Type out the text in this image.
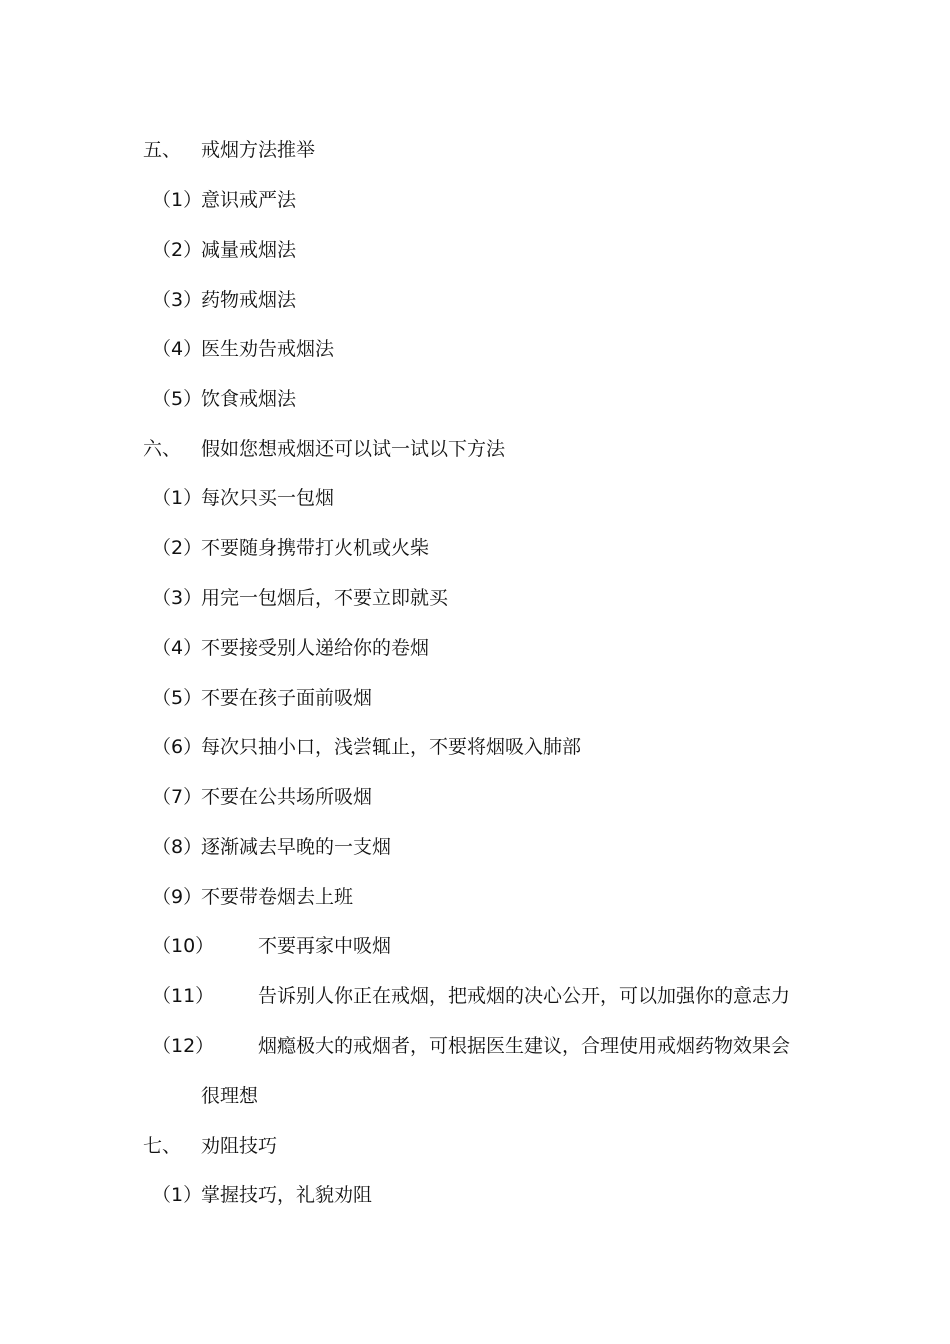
五、 戒烟方法推举
（1）
意识戒严法
（2）
减量戒烟法
（3）
药物戒烟法
（4）
医生劝告戒烟法
（5）
饮食戒烟法
六、 假如您想戒烟还可以试一试以下方法
（1）
每次只买一包烟
（2）
不要随身携带打火机或火柴
（3）
用完一包烟后，不要立即就买
（4）
不要接受别人递给你的卷烟
（5）
不要在孩子面前吸烟
（6）
每次只抽小口，浅尝辄止，不要将烟吸入肺部
（7）
不要在公共场所吸烟
（8）
逐渐减去早晚的一支烟
（9）
不要带卷烟去上班
（10） 不要再家中吸烟
（11） 告诉别人你正在戒烟，把戒烟的决心公开，可以加强你的意志力
（12） 烟瘾极大的戒烟者，可根据医生建议，合理使用戒烟药物效果会
很理想
七、 劝阻技巧
（1）
掌握技巧，礼貌劝阻
